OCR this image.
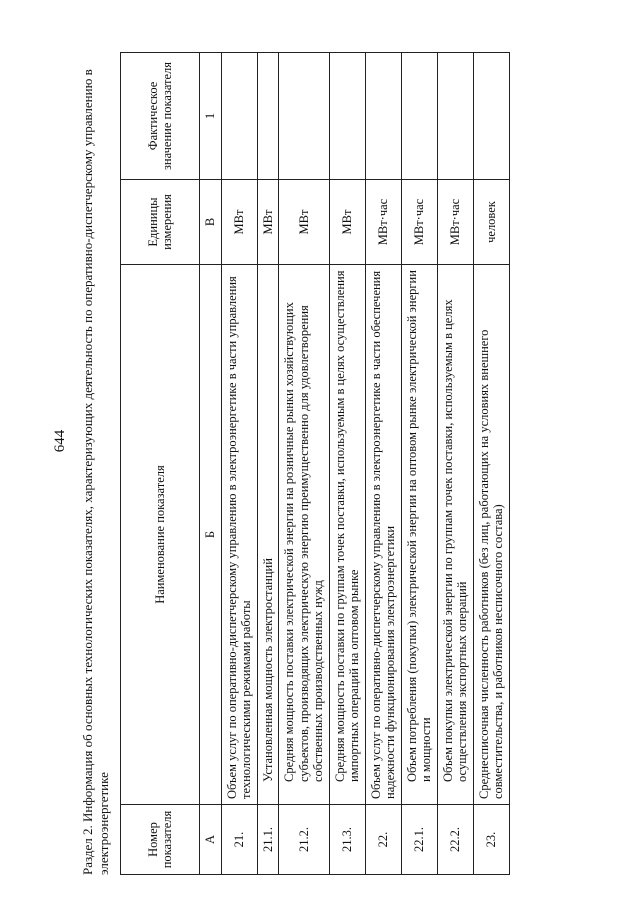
644 Раздел 2. Информация об основных технологических показателях, характеризующих деятельность по оперативно-диспетчерскому управлению в электроэнергетике	Номер показателя	Наименование показателя	Единицы измерения	Фактическое значение показателя
А	Б	В	1
21.	Объем услуг по оперативно-диспетчерскому управлению в электроэнергетике в части управления технологическими режимами работы	МВт	
21.1.	Установленная мощность электростанций	МВт	
21.2.	Средняя мощность поставки электрической энергии на розничные рынки хозяйствующих субъектов, производящих электрическую энергию преимущественно для удовлетворения собственных производственных нужд	МВт	
21.3.	Средняя мощность поставки по группам точек поставки, используемым в целях осуществления импортных операций на оптовом рынке	МВт	
22.	Объем услуг по оперативно-диспетчерскому управлению в электроэнергетике в части обеспечения надежности функционирования электроэнергетики	МВт·час	
22.1.	Объем потребления (покупки) электрической энергии на оптовом рынке электрической энергии и мощности	МВт·час	
22.2.	Объем покупки электрической энергии по группам точек поставки, используемым в целях осуществления экспортных операций	МВт·час	
23.	Среднесписочная численность работников (без лиц, работающих на условиях внешнего совместительства, и работников несписочного состава)	человек	
